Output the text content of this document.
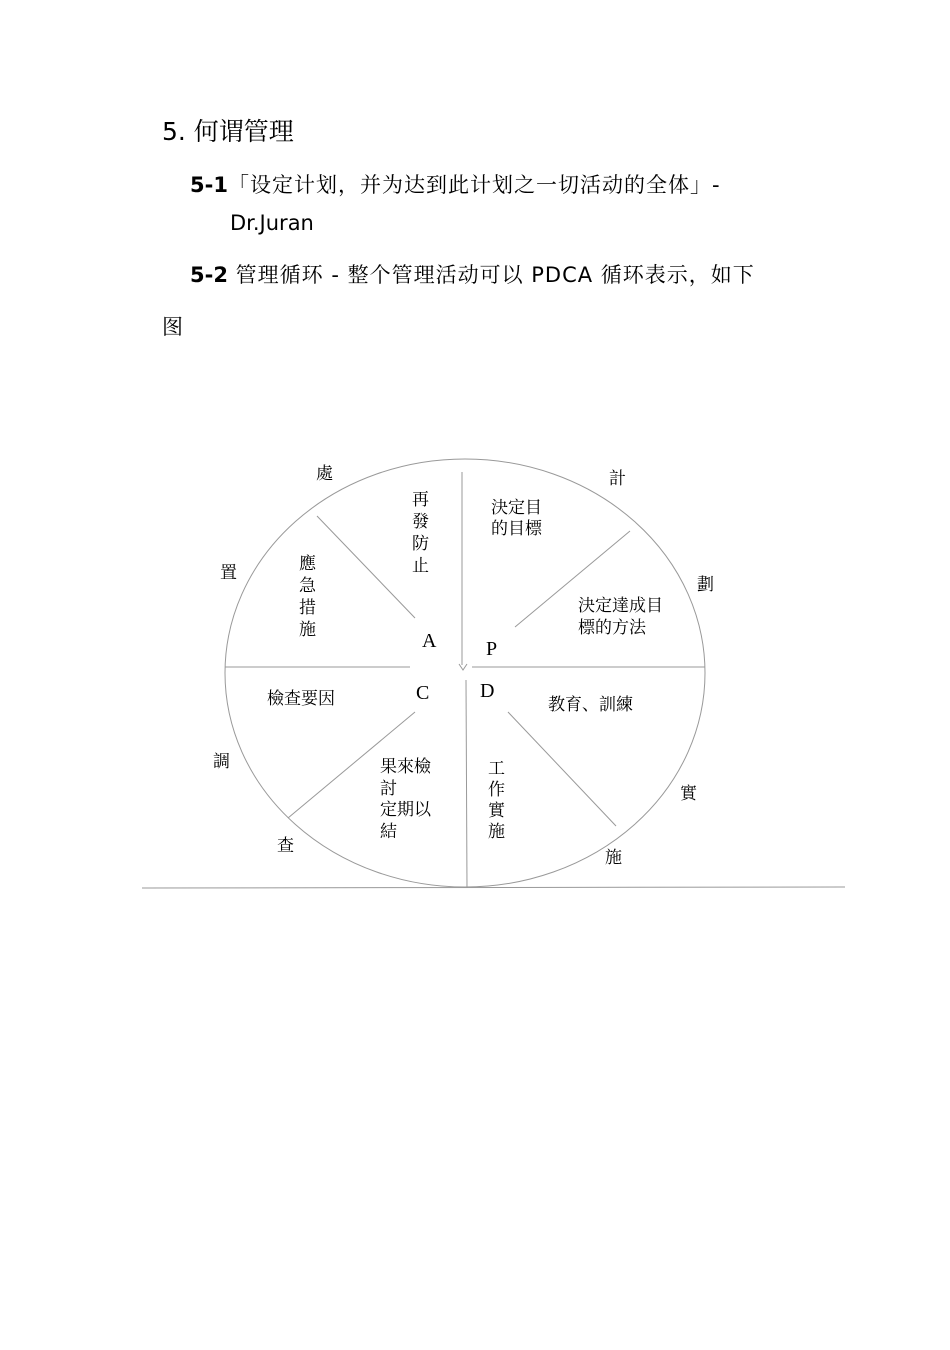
5. 何谓管理
5-1「设定计划，并为达到此计划之一切活动的全体」-
Dr.Juran
5-2 管理循环 - 整个管理活动可以 PDCA 循环表示，如下
图
A P
C	D
處	計
置
劃
調
實
查
施
決定目
的目標
決定達成目
標的方法
教育、訓練
工
作
實
施
果來檢
討
定期以
結
檢查要因
應
急
措
施
再
發
防
止
